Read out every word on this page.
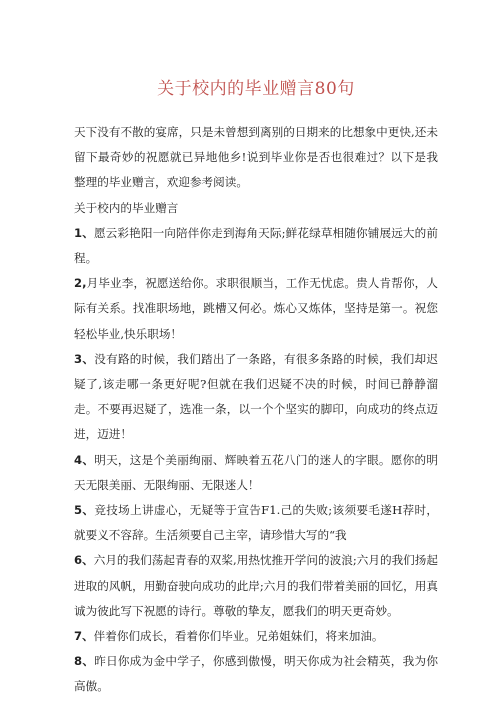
关于校内的毕业赠言80句

天下没有不散的宴席，只是未曾想到离别的日期来的比想象中更快,还未留下最奇妙的祝愿就已异地他乡!说到毕业你是否也很难过？以下是我整理的毕业赠言，欢迎参考阅读。

关于校内的毕业赠言

1、愿云彩艳阳一向陪伴你走到海角天际;鲜花绿草相随你铺展远大的前程。

2,月毕业李，祝愿送给你。求职很顺当，工作无忧虑。贵人肯帮你，人际有关系。找准职场地，跳槽又何必。炼心又炼体，坚持是第一。祝您轻松毕业,快乐职场！

3、没有路的时候，我们踏出了一条路，有很多条路的时候，我们却迟疑了,该走哪一条更好呢?但就在我们迟疑不决的时候，时间已静静溜走。不要再迟疑了，选准一条，以一个个坚实的脚印，向成功的终点迈进，迈进！

4、明天，这是个美丽绚丽、辉映着五花八门的迷人的字眼。愿你的明天无限美丽、无限绚丽、无限迷人！

5、竞技场上讲虚心，无疑等于宣告F1.己的失败;该须要毛遂H荐时，就要义不容辞。生活须要自己主宰，请珍惜大写的“我

6、六月的我们荡起青春的双桨,用热忱推开学问的波浪;六月的我们扬起进取的风帆，用勤奋驶向成功的此岸;六月的我们带着美丽的回忆，用真诚为彼此写下祝愿的诗行。尊敬的挚友，愿我们的明天更奇妙。

7、伴着你们成长，看着你们毕业。兄弟姐妹们，将来加油。

8、昨日你成为金中学子，你感到傲慢，明天你成为社会精英，我为你高傲。
